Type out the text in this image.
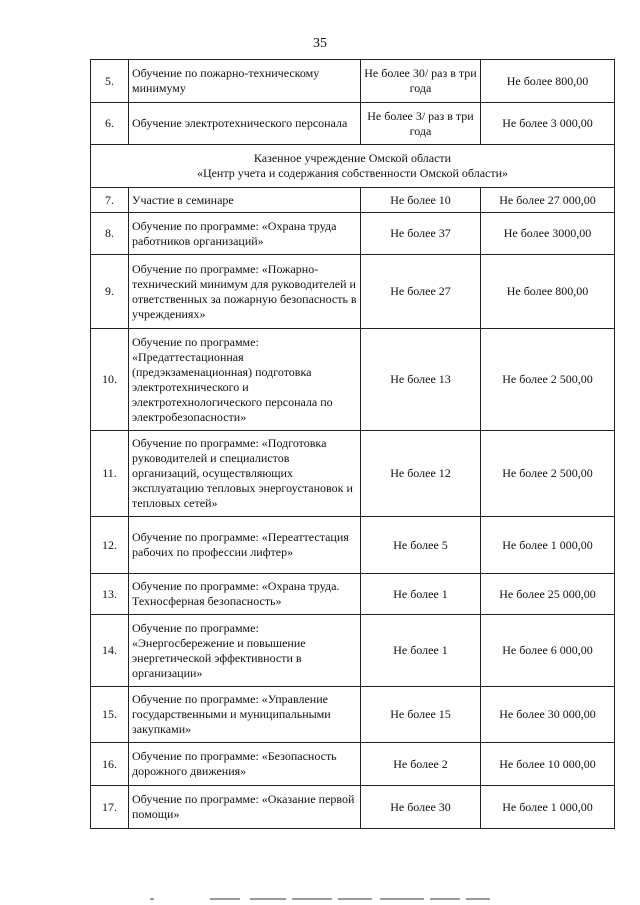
35
5.	Обучение по пожарно-техническому минимуму	Не более 30/ раз в три года	Не более 800,00
6.	Обучение электротехнического персонала	Не более 3/ раз в три года	Не более 3 000,00

Казенное учреждение Омской области
«Центр учета и содержания собственности Омской области»			

7.	Участие в семинаре	Не более 10	Не более 27 000,00
8.	Обучение по программе: «Охрана труда работников организаций»	Не более 37	Не более 3000,00
9.	Обучение по программе: «Пожарно-технический минимум для руководителей и ответственных за пожарную безопасность в учреждениях»	Не более 27	Не более 800,00
10.	Обучение по программе: «Предаттестационная (предэкзаменационная) подготовка электротехнического и электротехнологического персонала по электробезопасности»	Не более 13	Не более 2 500,00
11.	Обучение по программе: «Подготовка руководителей и специалистов организаций, осуществляющих эксплуатацию тепловых энергоустановок и тепловых сетей»	Не более 12	Не более 2 500,00
12.	Обучение по программе: «Переаттестация рабочих по профессии лифтер»	Не более 5	Не более 1 000,00
13.	Обучение по программе: «Охрана труда. Техносферная безопасность»	Не более 1	Не более 25 000,00
14.	Обучение по программе: «Энергосбережение и повышение энергетической эффективности в организации»	Не более 1	Не более 6 000,00
15.	Обучение по программе: «Управление государственными и муниципальными закупками»	Не более 15	Не более 30 000,00
16.	Обучение по программе: «Безопасность дорожного движения»	Не более 2	Не более 10 000,00
17.	Обучение по программе: «Оказание первой помощи»	Не более 30	Не более 1 000,00
